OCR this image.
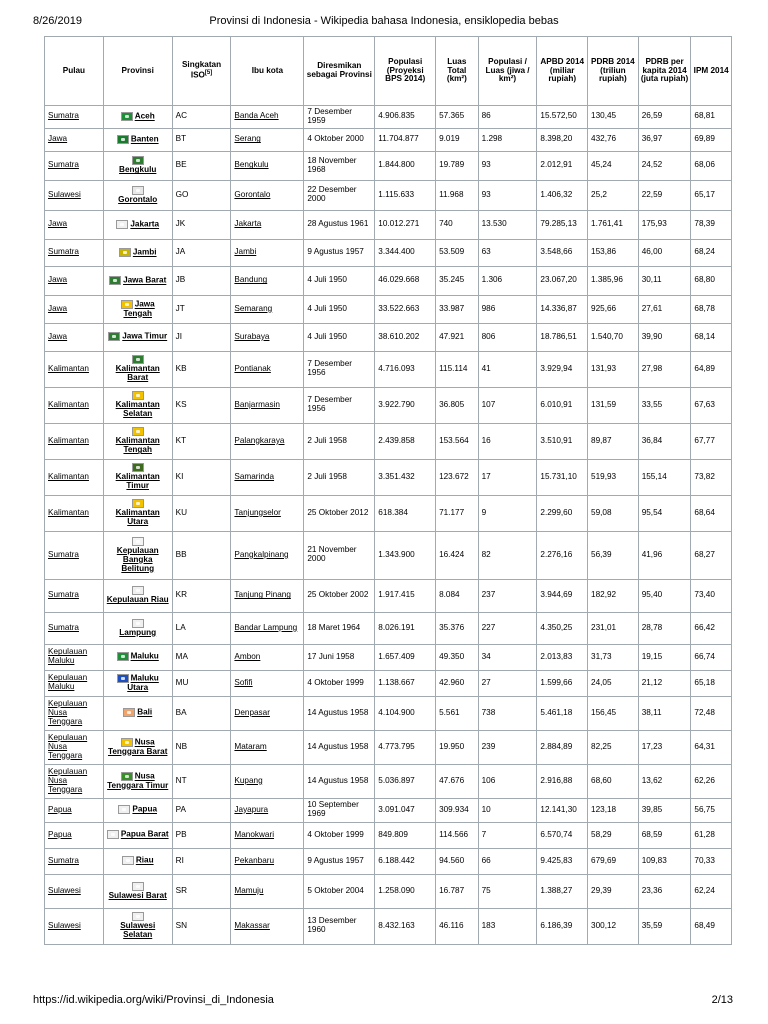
8/26/2019	Provinsi di Indonesia - Wikipedia bahasa Indonesia, ensiklopedia bebas
Pulau	Provinsi	Singkatan ISO[5]	Ibu kota	Diresmikan sebagai Provinsi	Populasi (Proyeksi BPS 2014)	Luas Total (km²)	Populasi / Luas (jiwa / km²)	APBD 2014 (miliar rupiah)	PDRB 2014 (triliun rupiah)	PDRB per kapita 2014 (juta rupiah)	IPM 2014
Sumatra	Aceh	AC	Banda Aceh	7 Desember 1959	4.906.835	57.365	86	15.572,50	130,45	26,59	68,81
Jawa	Banten	BT	Serang	4 Oktober 2000	11.704.877	9.019	1.298	8.398,20	432,76	36,97	69,89
Sumatra	Bengkulu	BE	Bengkulu	18 November 1968	1.844.800	19.789	93	2.012,91	45,24	24,52	68,06
Sulawesi	Gorontalo	GO	Gorontalo	22 Desember 2000	1.115.633	11.968	93	1.406,32	25,2	22,59	65,17
Jawa	Jakarta	JK	Jakarta	28 Agustus 1961	10.012.271	740	13.530	79.285,13	1.761,41	175,93	78,39
Sumatra	Jambi	JA	Jambi	9 Agustus 1957	3.344.400	53.509	63	3.548,66	153,86	46,00	68,24
Jawa	Jawa Barat	JB	Bandung	4 Juli 1950	46.029.668	35.245	1.306	23.067,20	1.385,96	30,11	68,80
Jawa	Jawa Tengah	JT	Semarang	4 Juli 1950	33.522.663	33.987	986	14.336,87	925,66	27,61	68,78
Jawa	Jawa Timur	JI	Surabaya	4 Juli 1950	38.610.202	47.921	806	18.786,51	1.540,70	39,90	68,14
Kalimantan	Kalimantan Barat	KB	Pontianak	7 Desember 1956	4.716.093	115.114	41	3.929,94	131,93	27,98	64,89
Kalimantan	Kalimantan Selatan	KS	Banjarmasin	7 Desember 1956	3.922.790	36.805	107	6.010,91	131,59	33,55	67,63
Kalimantan	Kalimantan Tengah	KT	Palangkaraya	2 Juli 1958	2.439.858	153.564	16	3.510,91	89,87	36,84	67,77
Kalimantan	Kalimantan Timur	KI	Samarinda	2 Juli 1958	3.351.432	123.672	17	15.731,10	519,93	155,14	73,82
Kalimantan	Kalimantan Utara	KU	Tanjungselor	25 Oktober 2012	618.384	71.177	9	2.299,60	59,08	95,54	68,64
Sumatra	Kepulauan Bangka Belitung	BB	Pangkalpinang	21 November 2000	1.343.900	16.424	82	2.276,16	56,39	41,96	68,27
Sumatra	Kepulauan Riau	KR	Tanjung Pinang	25 Oktober 2002	1.917.415	8.084	237	3.944,69	182,92	95,40	73,40
Sumatra	Lampung	LA	Bandar Lampung	18 Maret 1964	8.026.191	35.376	227	4.350,25	231,01	28,78	66,42
Kepulauan Maluku	Maluku	MA	Ambon	17 Juni 1958	1.657.409	49.350	34	2.013,83	31,73	19,15	66,74
Kepulauan Maluku	Maluku Utara	MU	Sofifi	4 Oktober 1999	1.138.667	42.960	27	1.599,66	24,05	21,12	65,18
Kepulauan Nusa Tenggara	Bali	BA	Denpasar	14 Agustus 1958	4.104.900	5.561	738	5.461,18	156,45	38,11	72,48
Kepulauan Nusa Tenggara	Nusa Tenggara Barat	NB	Mataram	14 Agustus 1958	4.773.795	19.950	239	2.884,89	82,25	17,23	64,31
Kepulauan Nusa Tenggara	Nusa Tenggara Timur	NT	Kupang	14 Agustus 1958	5.036.897	47.676	106	2.916,88	68,60	13,62	62,26
Papua	Papua	PA	Jayapura	10 September 1969	3.091.047	309.934	10	12.141,30	123,18	39,85	56,75
Papua	Papua Barat	PB	Manokwari	4 Oktober 1999	849.809	114.566	7	6.570,74	58,29	68,59	61,28
Sumatra	Riau	RI	Pekanbaru	9 Agustus 1957	6.188.442	94.560	66	9.425,83	679,69	109,83	70,33
Sulawesi	Sulawesi Barat	SR	Mamuju	5 Oktober 2004	1.258.090	16.787	75	1.388,27	29,39	23,36	62,24
Sulawesi	Sulawesi Selatan	SN	Makassar	13 Desember 1960	8.432.163	46.116	183	6.186,39	300,12	35,59	68,49
https://id.wikipedia.org/wiki/Provinsi_di_Indonesia	2/13
